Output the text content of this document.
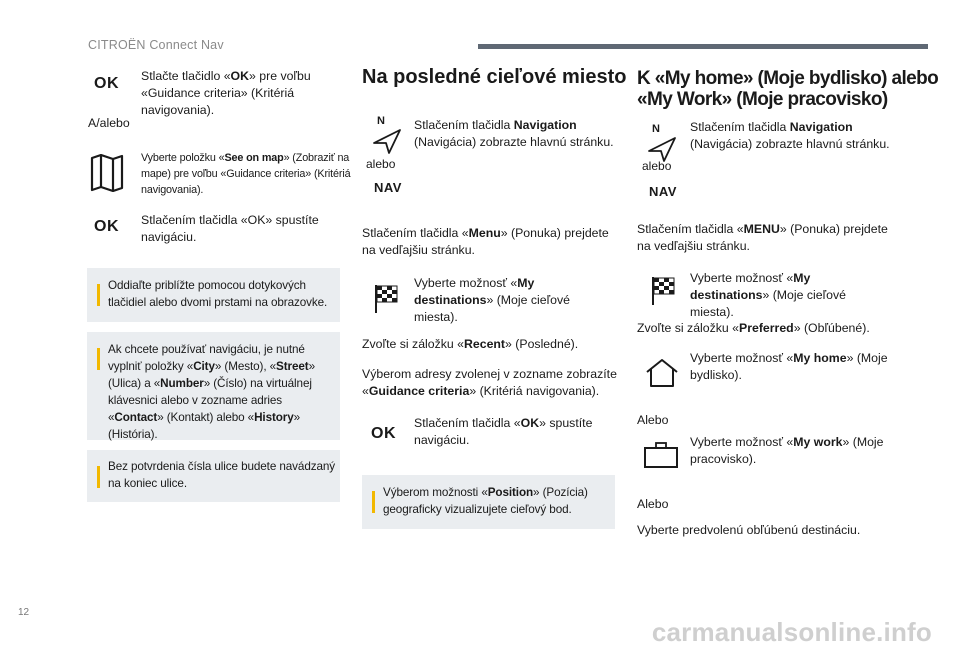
CITROËN Connect Nav
OK Stlačte tlačidlo «OK» pre voľbu «Guidance criteria» (Kritériá navigovania).
A/alebo
Vyberte položku «See on map» (Zobraziť na mape) pre voľbu «Guidance criteria» (Kritériá navigovania).
OK Stlačením tlačidla «OK» spustíte navigáciu.
Oddiaľte priblížte pomocou dotykových tlačidiel alebo dvomi prstami na obrazovke.
Ak chcete používať navigáciu, je nutné vyplniť položky «City» (Mesto), «Street» (Ulica) a «Number» (Číslo) na virtuálnej klávesnici alebo v zozname adries «Contact» (Kontakt) alebo «History» (História).
Bez potvrdenia čísla ulice budete navádzaný na koniec ulice.
Na posledné cieľové miesto
N
alebo
NAV
Stlačením tlačidla Navigation (Navigácia) zobrazte hlavnú stránku.
Stlačením tlačidla «Menu» (Ponuka) prejdete na vedľajšiu stránku.
Vyberte možnosť «My destinations» (Moje cieľové miesta).
Zvoľte si záložku «Recent» (Posledné).
Výberom adresy zvolenej v zozname zobrazíte «Guidance criteria» (Kritériá navigovania).
OK
Stlačením tlačidla «OK» spustíte navigáciu.
Výberom možnosti «Position» (Pozícia) geograficky vizualizujete cieľový bod.
K «My home» (Moje bydlisko) alebo
«My Work» (Moje pracovisko)
N
alebo
NAV
Stlačením tlačidla Navigation (Navigácia) zobrazte hlavnú stránku.
Stlačením tlačidla «MENU» (Ponuka) prejdete na vedľajšiu stránku.
Vyberte možnosť «My destinations» (Moje cieľové miesta).
Zvoľte si záložku «Preferred» (Obľúbené).
Vyberte možnosť «My home» (Moje bydlisko).
Alebo
Vyberte možnosť «My work» (Moje pracovisko).
Alebo
Vyberte predvolenú obľúbenú destináciu.
12
carmanualsonline.info
